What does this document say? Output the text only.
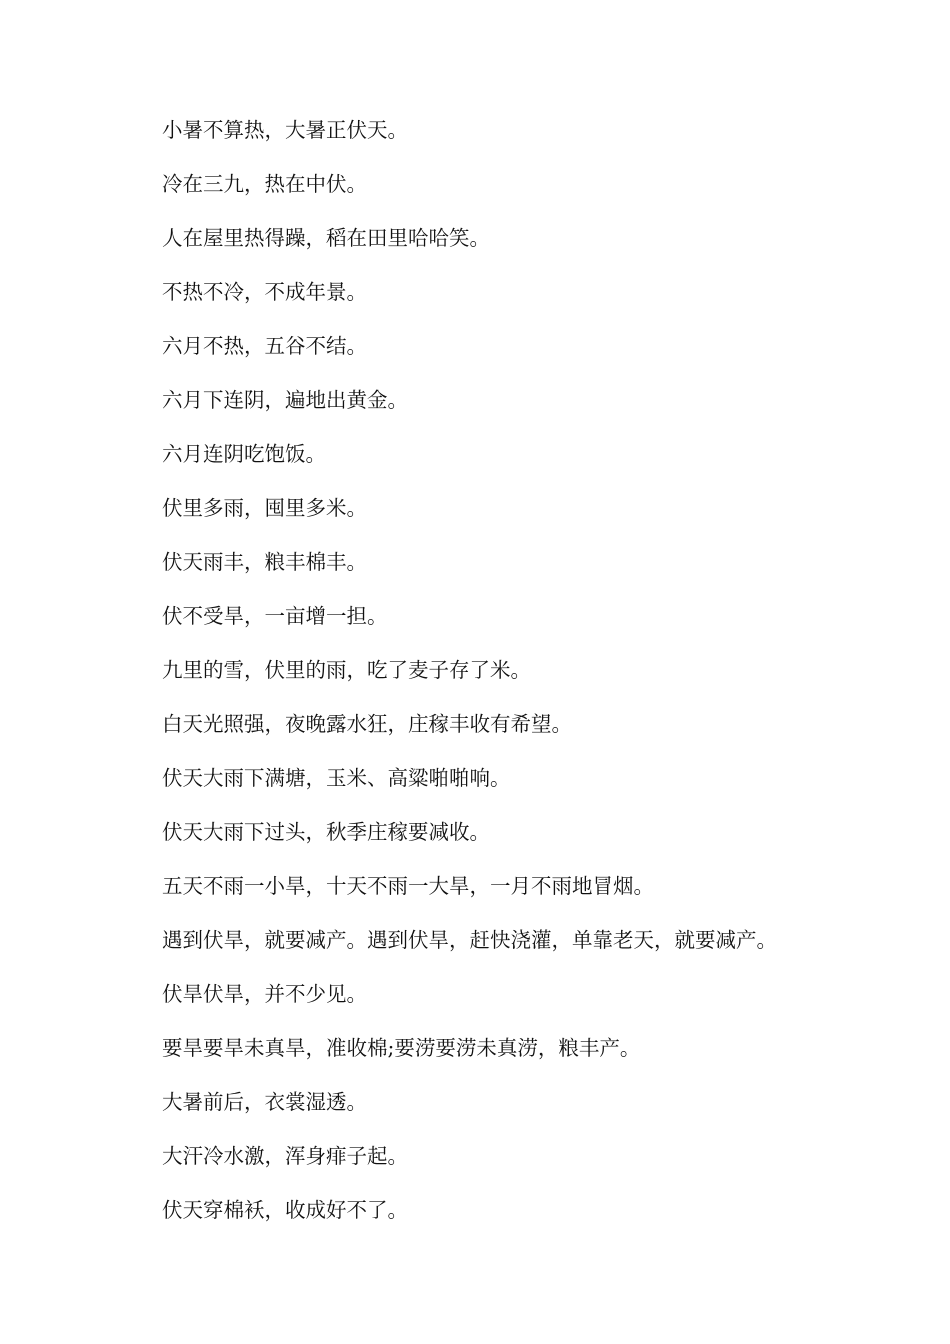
小暑不算热，大暑正伏天。
冷在三九，热在中伏。
人在屋里热得躁，稻在田里哈哈笑。
不热不冷，不成年景。
六月不热，五谷不结。
六月下连阴，遍地出黄金。
六月连阴吃饱饭。
伏里多雨，囤里多米。
伏天雨丰，粮丰棉丰。
伏不受旱，一亩增一担。
九里的雪，伏里的雨，吃了麦子存了米。
白天光照强，夜晚露水狂，庄稼丰收有希望。
伏天大雨下满塘，玉米、高粱啪啪响。
伏天大雨下过头，秋季庄稼要减收。
五天不雨一小旱，十天不雨一大旱，一月不雨地冒烟。
遇到伏旱，就要减产。遇到伏旱，赶快浇灌，单靠老天，就要减产。
伏旱伏旱，并不少见。
要旱要旱未真旱，准收棉;要涝要涝未真涝，粮丰产。
大暑前后，衣裳湿透。
大汗冷水激，浑身痱子起。
伏天穿棉袄，收成好不了。
